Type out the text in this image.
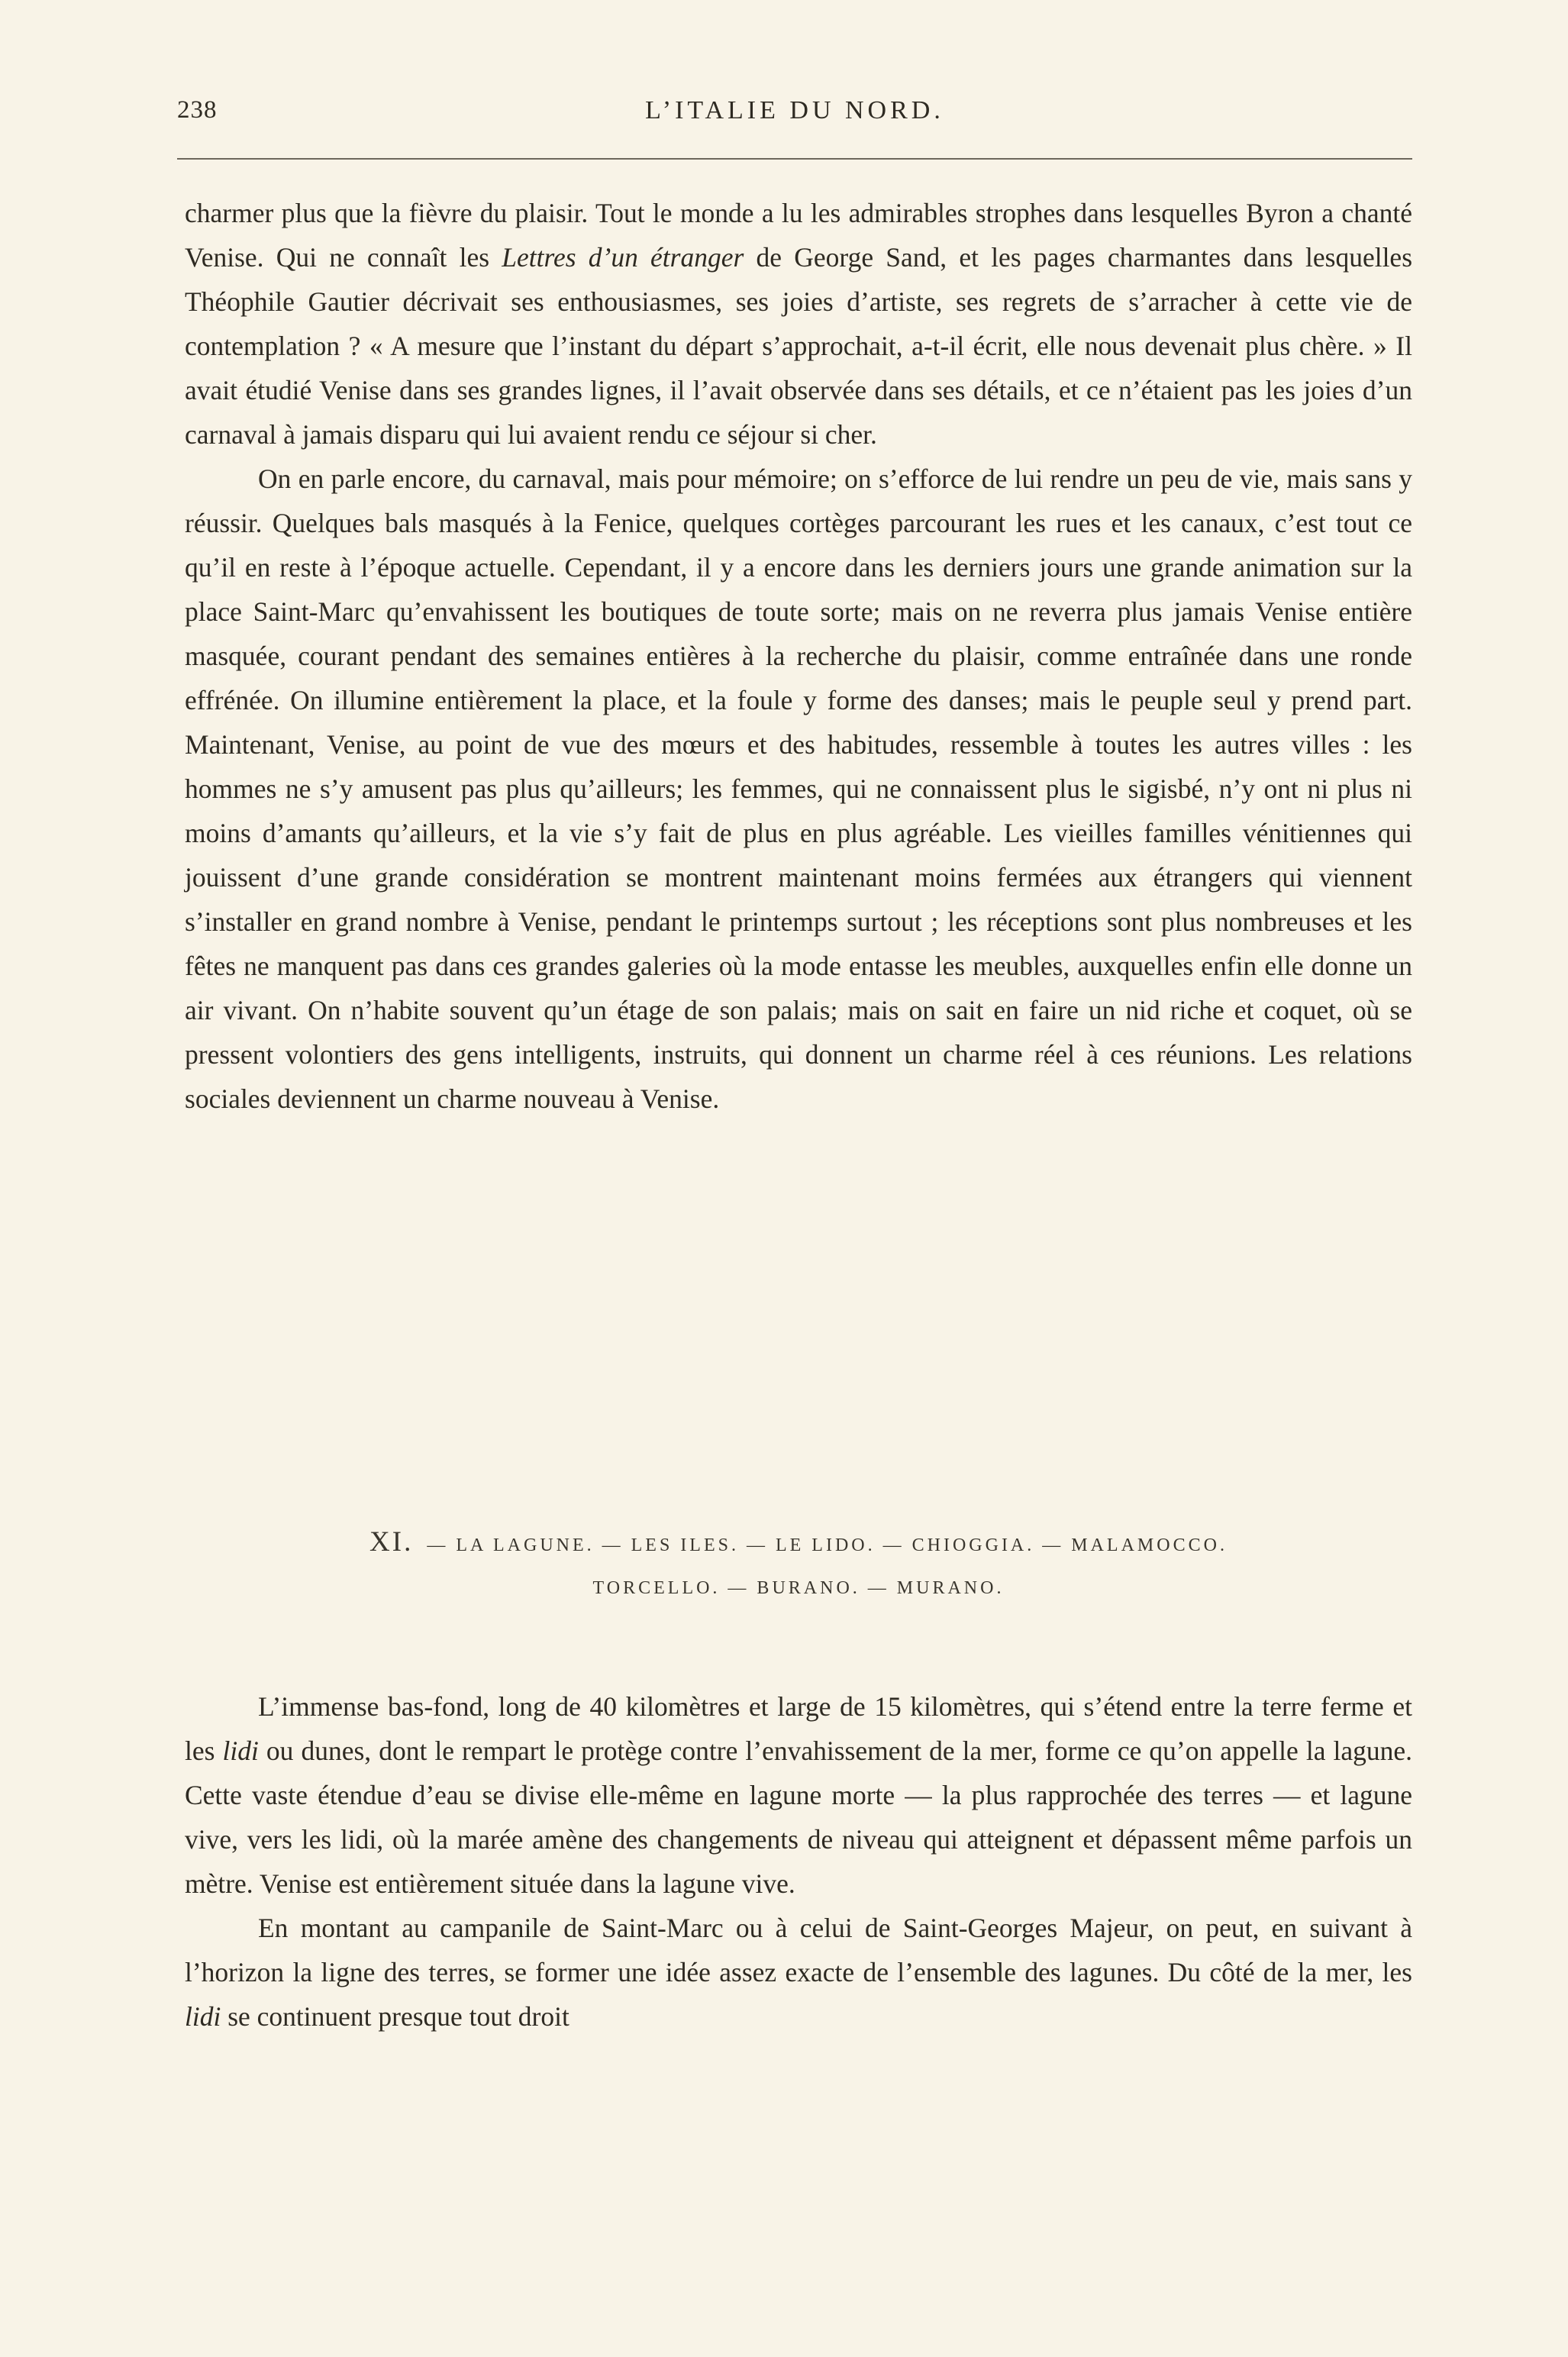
238	L’ITALIE DU NORD.

charmer plus que la fièvre du plaisir. Tout le monde a lu les admirables strophes dans lesquelles Byron a chanté Venise. Qui ne connaît les Lettres d’un étranger de George Sand, et les pages charmantes dans lesquelles Théophile Gautier décrivait ses enthousiasmes, ses joies d’artiste, ses regrets de s’arracher à cette vie de contemplation ? « A mesure que l’instant du départ s’approchait, a-t-il écrit, elle nous devenait plus chère. » Il avait étudié Venise dans ses grandes lignes, il l’avait observée dans ses détails, et ce n’étaient pas les joies d’un carnaval à jamais disparu qui lui avaient rendu ce séjour si cher.

On en parle encore, du carnaval, mais pour mémoire; on s’efforce de lui rendre un peu de vie, mais sans y réussir. Quelques bals masqués à la Fenice, quelques cortèges parcourant les rues et les canaux, c’est tout ce qu’il en reste à l’époque actuelle. Cependant, il y a encore dans les derniers jours une grande animation sur la place Saint-Marc qu’envahissent les boutiques de toute sorte; mais on ne reverra plus jamais Venise entière masquée, courant pendant des semaines entières à la recherche du plaisir, comme entraînée dans une ronde effrénée. On illumine entièrement la place, et la foule y forme des danses; mais le peuple seul y prend part. Maintenant, Venise, au point de vue des mœurs et des habitudes, ressemble à toutes les autres villes : les hommes ne s’y amusent pas plus qu’ailleurs; les femmes, qui ne connaissent plus le sigisbé, n’y ont ni plus ni moins d’amants qu’ailleurs, et la vie s’y fait de plus en plus agréable. Les vieilles familles vénitiennes qui jouissent d’une grande considération se montrent maintenant moins fermées aux étrangers qui viennent s’installer en grand nombre à Venise, pendant le printemps surtout ; les réceptions sont plus nombreuses et les fêtes ne manquent pas dans ces grandes galeries où la mode entasse les meubles, auxquelles enfin elle donne un air vivant. On n’habite souvent qu’un étage de son palais; mais on sait en faire un nid riche et coquet, où se pressent volontiers des gens intelligents, instruits, qui donnent un charme réel à ces réunions. Les relations sociales deviennent un charme nouveau à Venise.

XI. — LA LAGUNE. — LES ILES. — LE LIDO. — CHIOGGIA. — MALAMOCCO.
TORCELLO. — BURANO. — MURANO.

L’immense bas-fond, long de 40 kilomètres et large de 15 kilomètres, qui s’étend entre la terre ferme et les lidi ou dunes, dont le rempart le protège contre l’envahissement de la mer, forme ce qu’on appelle la lagune. Cette vaste étendue d’eau se divise elle-même en lagune morte — la plus rapprochée des terres — et lagune vive, vers les lidi, où la marée amène des changements de niveau qui atteignent et dépassent même parfois un mètre. Venise est entièrement située dans la lagune vive.

En montant au campanile de Saint-Marc ou à celui de Saint-Georges Majeur, on peut, en suivant à l’horizon la ligne des terres, se former une idée assez exacte de l’ensemble des lagunes. Du côté de la mer, les lidi se continuent presque tout droit
